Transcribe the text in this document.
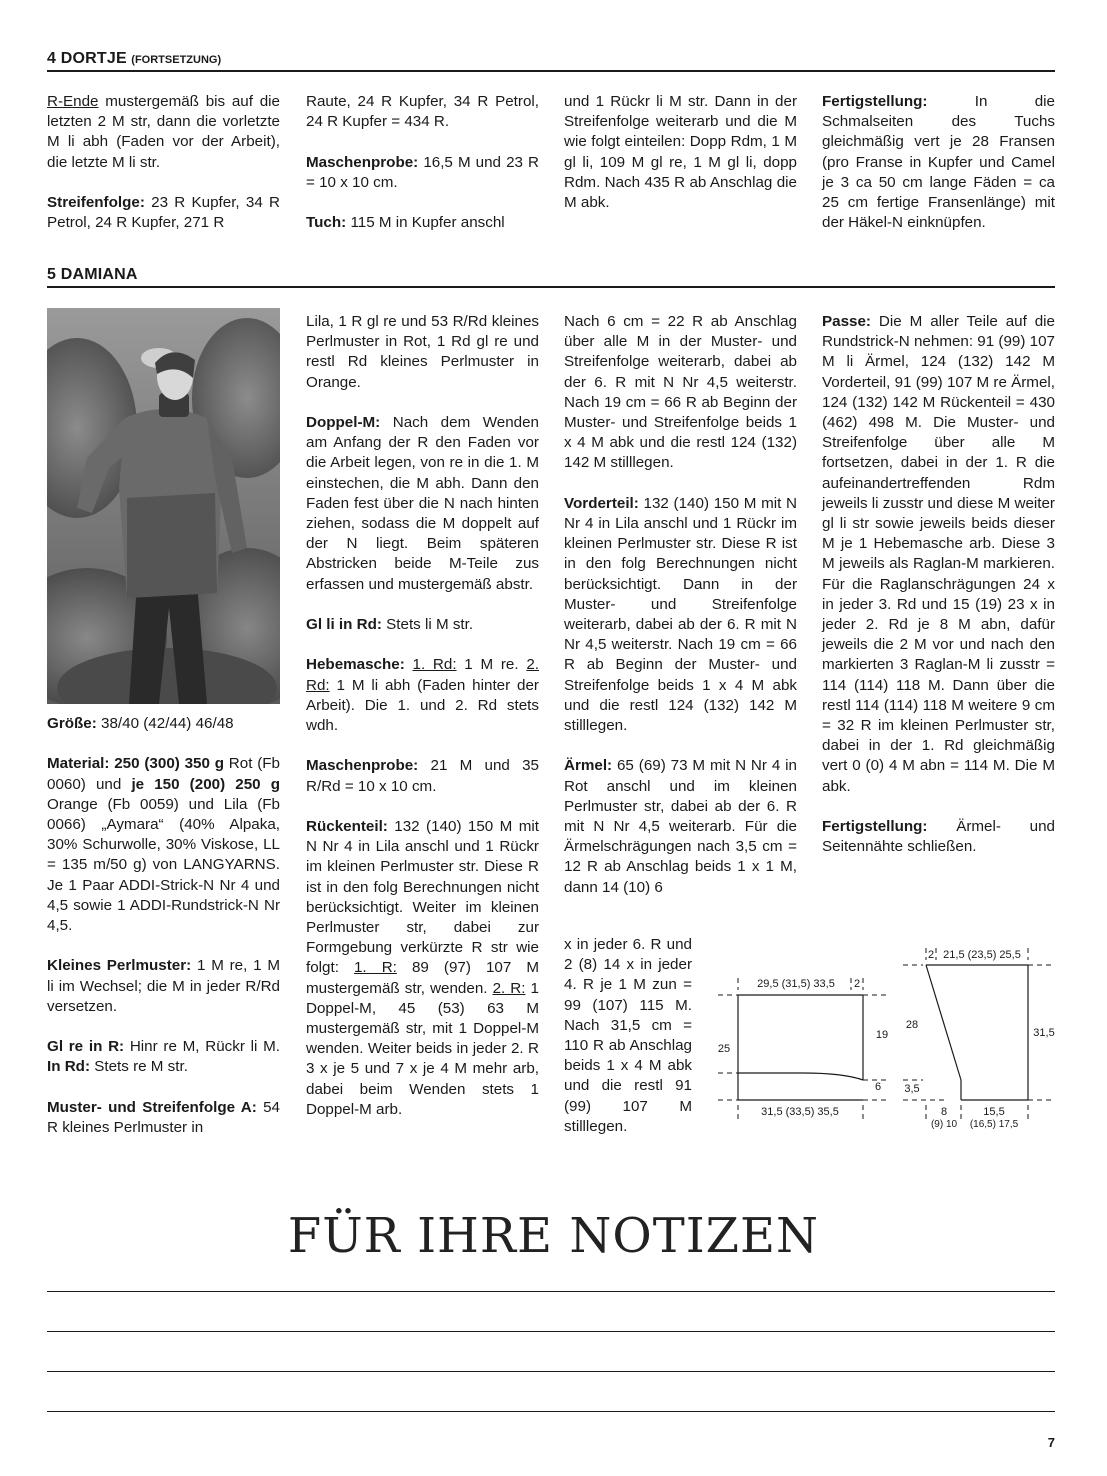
4 DORTJE (FORTSETZUNG)

R-Ende mustergemäß bis auf die letzten 2 M str, dann die vorletzte M li abh (Faden vor der Arbeit), die letzte M li str.

Streifenfolge: 23 R Kupfer, 34 R Petrol, 24 R Kupfer, 271 R

Raute, 24 R Kupfer, 34 R Petrol, 24 R Kupfer = 434 R.

Maschenprobe: 16,5 M und 23 R = 10 x 10 cm.

Tuch: 115 M in Kupfer anschl

und 1 Rückr li M str. Dann in der Streifenfolge weiterarb und die M wie folgt einteilen: Dopp Rdm, 1 M gl li, 109 M gl re, 1 M gl li, dopp Rdm. Nach 435 R ab Anschlag die M abk.

Fertigstellung: In die Schmalseiten des Tuchs gleichmäßig vert je 28 Fransen (pro Franse in Kupfer und Camel je 3 ca 50 cm lange Fäden = ca 25 cm fertige Fransenlänge) mit der Häkel-N einknüpfen.

5 DAMIANA

Größe: 38/40 (42/44) 46/48

Material: 250 (300) 350 g Rot (Fb 0060) und je 150 (200) 250 g Orange (Fb 0059) und Lila (Fb 0066) „Aymara“ (40% Alpaka, 30% Schurwolle, 30% Viskose, LL = 135 m/50 g) von LANGYARNS. Je 1 Paar ADDI-Strick-N Nr 4 und 4,5 sowie 1 ADDI-Rundstrick-N Nr 4,5.

Kleines Perlmuster: 1 M re, 1 M li im Wechsel; die M in jeder R/Rd versetzen.

Gl re in R: Hinr re M, Rückr li M. In Rd: Stets re M str.

Muster- und Streifenfolge A: 54 R kleines Perlmuster in

Lila, 1 R gl re und 53 R/Rd kleines Perlmuster in Rot, 1 Rd gl re und restl Rd kleines Perlmuster in Orange.

Doppel-M: Nach dem Wenden am Anfang der R den Faden vor die Arbeit legen, von re in die 1. M einstechen, die M abh. Dann den Faden fest über die N nach hinten ziehen, sodass die M doppelt auf der N liegt. Beim späteren Abstricken beide M-Teile zus erfassen und mustergemäß abstr.

Gl li in Rd: Stets li M str.

Hebemasche: 1. Rd: 1 M re. 2. Rd: 1 M li abh (Faden hinter der Arbeit). Die 1. und 2. Rd stets wdh.

Maschenprobe: 21 M und 35 R/Rd = 10 x 10 cm.

Rückenteil: 132 (140) 150 M mit N Nr 4 in Lila anschl und 1 Rückr im kleinen Perlmuster str. Diese R ist in den folg Berechnungen nicht berücksichtigt. Weiter im kleinen Perlmuster str, dabei zur Formgebung verkürzte R str wie folgt: 1. R: 89 (97) 107 M mustergemäß str, wenden. 2. R: 1 Doppel-M, 45 (53) 63 M mustergemäß str, mit 1 Doppel-M wenden. Weiter beids in jeder 2. R 3 x je 5 und 7 x je 4 M mehr arb, dabei beim Wenden stets 1 Doppel-M arb.

Nach 6 cm = 22 R ab Anschlag über alle M in der Muster- und Streifenfolge weiterarb, dabei ab der 6. R mit N Nr 4,5 weiterstr. Nach 19 cm = 66 R ab Beginn der Muster- und Streifenfolge beids 1 x 4 M abk und die restl 124 (132) 142 M stilllegen.

Vorderteil: 132 (140) 150 M mit N Nr 4 in Lila anschl und 1 Rückr im kleinen Perlmuster str. Diese R ist in den folg Berechnungen nicht berücksichtigt. Dann in der Muster- und Streifenfolge weiterarb, dabei ab der 6. R mit N Nr 4,5 weiterstr. Nach 19 cm = 66 R ab Beginn der Muster- und Streifenfolge beids 1 x 4 M abk und die restl 124 (132) 142 M stilllegen.

Ärmel: 65 (69) 73 M mit N Nr 4 in Rot anschl und im kleinen Perlmuster str, dabei ab der 6. R mit N Nr 4,5 weiterarb. Für die Ärmelschrägungen nach 3,5 cm = 12 R ab Anschlag beids 1 x 1 M, dann 14 (10) 6

x in jeder 6. R und 2 (8) 14 x in jeder 4. R je 1 M zun = 99 (107) 115 M. Nach 31,5 cm = 110 R ab Anschlag beids 1 x 4 M abk und die restl 91 (99) 107 M stilllegen.

Passe: Die M aller Teile auf die Rundstrick-N nehmen: 91 (99) 107 M li Ärmel, 124 (132) 142 M Vorderteil, 91 (99) 107 M re Ärmel, 124 (132) 142 M Rückenteil = 430 (462) 498 M. Die Muster- und Streifenfolge über alle M fortsetzen, dabei in der 1. R die aufeinandertreffenden Rdm jeweils li zusstr und diese M weiter gl li str sowie jeweils beids dieser M je 1 Hebemasche arb. Diese 3 M jeweils als Raglan-M markieren. Für die Raglanschrägungen 24 x in jeder 3. Rd und 15 (19) 23 x in jeder 2. Rd je 8 M abn, dafür jeweils die 2 M vor und nach den markierten 3 Raglan-M li zusstr = 114 (114) 118 M. Dann über die restl 114 (114) 118 M weitere 9 cm = 32 R im kleinen Perlmuster str, dabei in der 1. Rd gleichmäßig vert 0 (0) 4 M abn = 114 M. Die M abk.

Fertigstellung: Ärmel- und Seitennähte schließen.

29,5 (31,5) 33,5 2
19
6
25
31,5 (33,5) 35,5
2 21,5 (23,5) 25,5
28
3,5
31,5
8
(9) 10
15,5
(16,5) 17,5
FÜR IHRE NOTIZEN
7
